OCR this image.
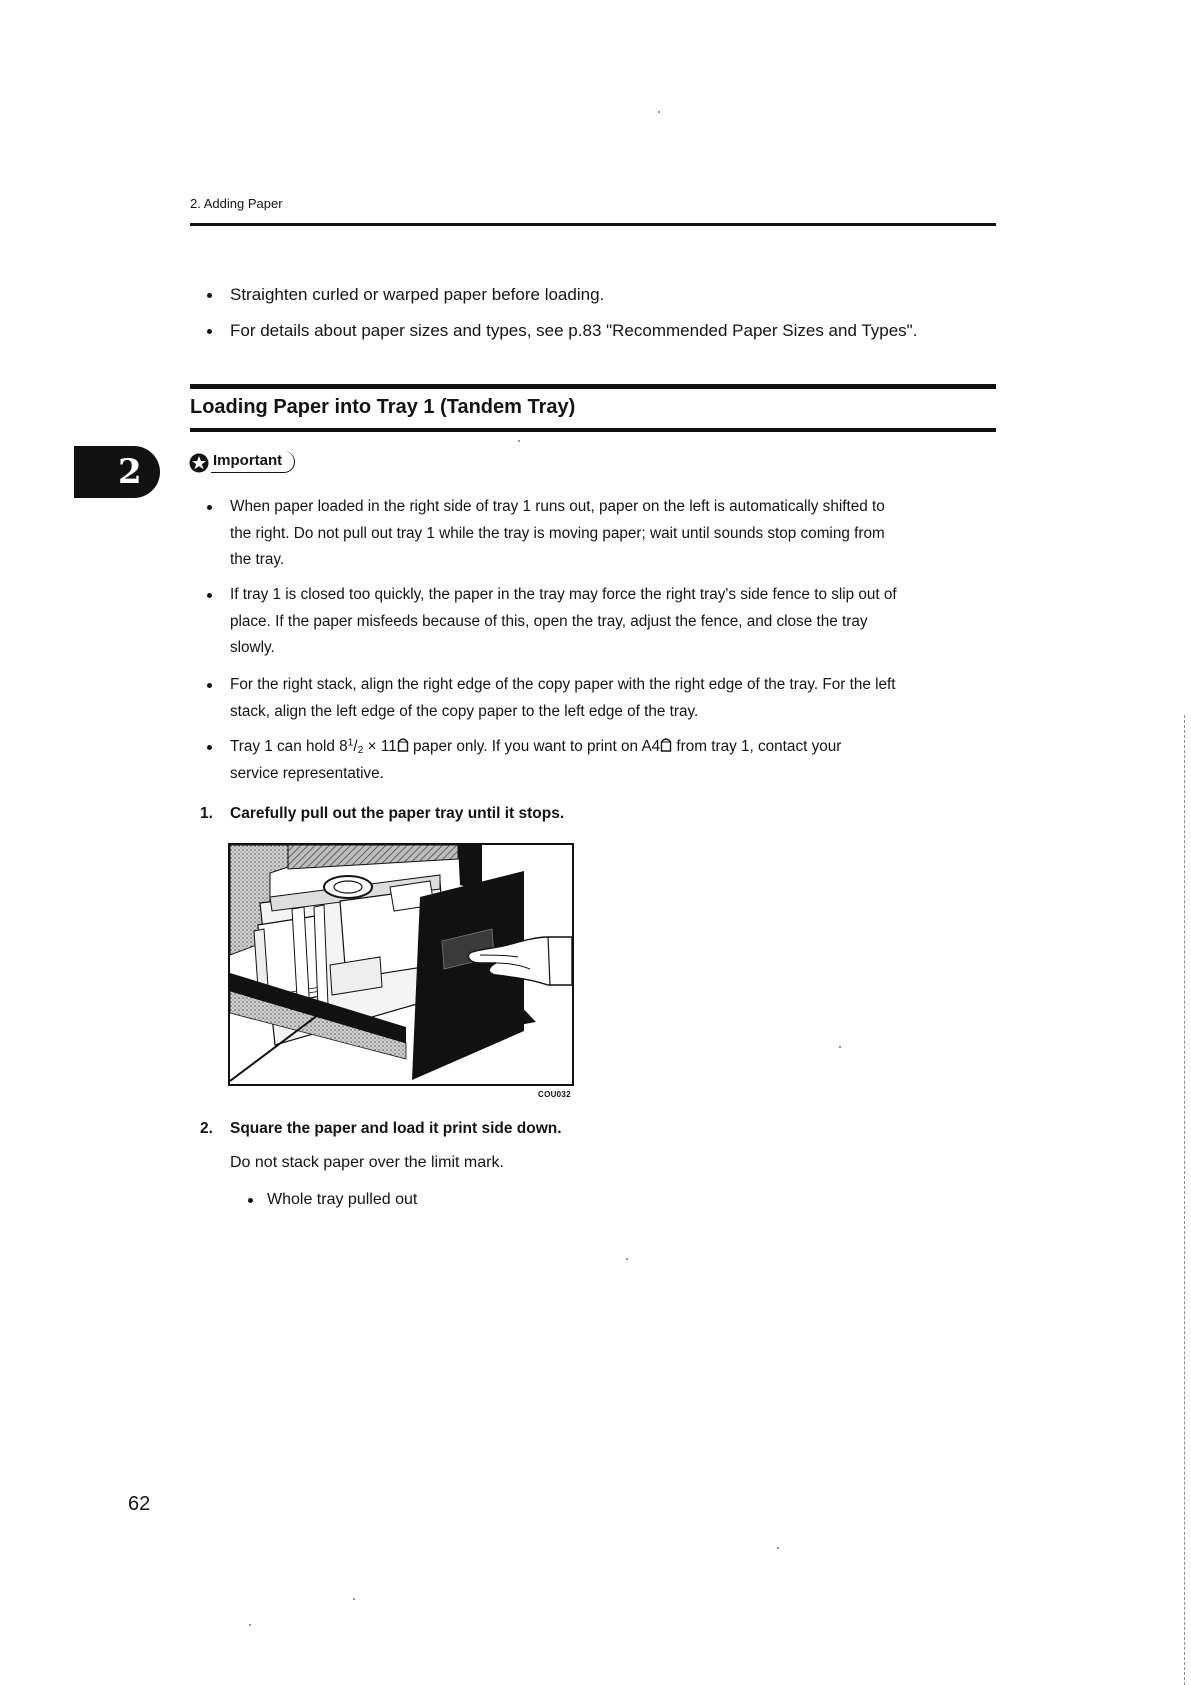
2. Adding Paper
Straighten curled or warped paper before loading.
For details about paper sizes and types, see p.83 "Recommended Paper Sizes and Types".
Loading Paper into Tray 1 (Tandem Tray)
2	Important
When paper loaded in the right side of tray 1 runs out, paper on the left is automatically shifted to
the right. Do not pull out tray 1 while the tray is moving paper; wait until sounds stop coming from
the tray.
If tray 1 is closed too quickly, the paper in the tray may force the right tray's side fence to slip out of
place. If the paper misfeeds because of this, open the tray, adjust the fence, and close the tray
slowly.
For the right stack, align the right edge of the copy paper with the right edge of the tray. For the left
stack, align the left edge of the copy paper to the left edge of the tray.
Tray 1 can hold $8^1/_2 \times 11$ paper only. If you want to print on A4 from tray 1, contact your
service representative.
1. Carefully pull out the paper tray until it stops.
COU032
2. Square the paper and load it print side down.
Do not stack paper over the limit mark.
Whole tray pulled out
62
